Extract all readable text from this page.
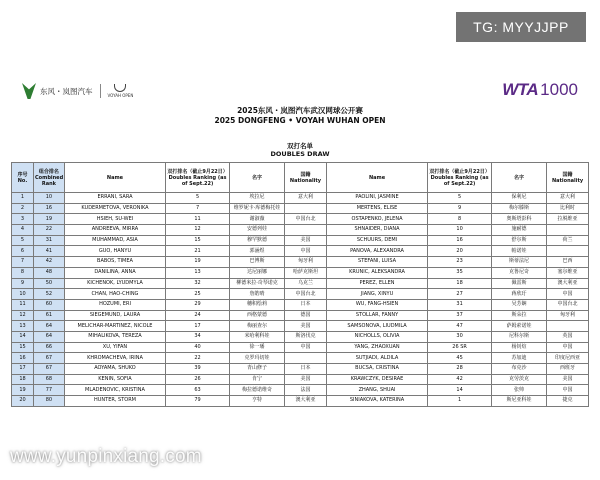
TG: MYYJJPP
东风・岚图汽车	VOYAH OPEN	WTA 1000
2025东风・岚图汽车武汉网球公开赛
2025 DONGFENG • VOYAH WUHAN OPEN
双打名单
DOUBLES DRAW
序号 No.	组合排名 Combined Rank	Name	双打排名（截止9月22日） Doubles Ranking (as of Sept.22)	名字	国籍 Nationality	Name	双打排名（截止9月22日） Doubles Ranking (as of Sept.22)	名字	国籍 Nationality
1	10	ERRANI, SARA	5	埃拉尼	意大利	PAOLINI, JASMINE	5	保利尼	意大利
2	16	KUDERMETOVA, VERONIKA	7	维罗妮卡·库德梅托娃		MERTENS, ELISE	9	梅尔滕斯	比利时
3	19	HSIEH, SU-WEI	11	谢淑薇	中国台北	OSTAPENKO, JELENA	8	奥斯塔彭科	拉脱维亚
4	22	ANDREEVA, MIRRA	12	安德列娃		SHNAIDER, DIANA	10	施耐德	
5	31	MUHAMMAD, ASIA	15	穆罕默德	美国	SCHUURS, DEMI	16	舒尔斯	荷兰
6	41	GUO, HANYU	21	郭涵煜	中国	PANOVA, ALEXANDRA	20	帕诺娃	
7	42	BABOS, TIMEA	19	巴博斯	匈牙利	STEFANI, LUISA	23	斯蒂法尼	巴西
8	48	DANILINA, ANNA	13	达尼丽娜	哈萨克斯坦	KRUNIC, ALEKSANDRA	35	克鲁尼奇	塞尔维亚
9	50	KICHENOK, LYUDMYLA	32	柳德米拉·奇琴诺克	乌克兰	PEREZ, ELLEN	18	佩雷斯	澳大利亚
10	52	CHAN, HAO-CHING	25	詹皓晴	中国台北	JIANG, XINYU	27	蒋欣玗	中国
11	60	HOZUMI, ERI	29	穗积绘莉	日本	WU, FANG-HSIEN	31	吴芳娴	中国台北
12	61	SIEGEMUND, LAURA	24	西格蒙德	德国	STOLLAR, FANNY	37	斯朵拉	匈牙利
13	64	MELICHAR-MARTINEZ, NICOLE	17	梅丽查尔	美国	SAMSONOVA, LIUDMILA	47	萨姆索诺娃	
14	64	MIHALIKOVA, TEREZA	34	米哈利科娃	斯洛伐克	NICHOLLS, OLIVIA	30	尼科尔斯	英国
15	66	XU, YIFAN	40	徐一璠	中国	YANG, ZHAOXUAN	26 SR	杨钊煊	中国
16	67	KHROMACHEVA, IRINA	22	克罗玛切娃		SUTJIADI, ALDILA	45	苏加迪	印度尼西亚
17	67	AOYAMA, SHUKO	39	青山修子	日本	BUCSA, CRISTINA	28	布克沙	西班牙
18	68	KENIN, SOFIA	26	肯宁	美国	KRAWCZYK, DESIRAE	42	克劳茨克	美国
19	77	MLADENOVIC, KRISTINA	63	梅拉德诺维奇	法国	ZHANG, SHUAI	14	张帅	中国
20	80	HUNTER, STORM	79	亨特	澳大利亚	SINIAKOVA, KATERINA	1	斯尼亚科娃	捷克
www.yunpinxiang.com
